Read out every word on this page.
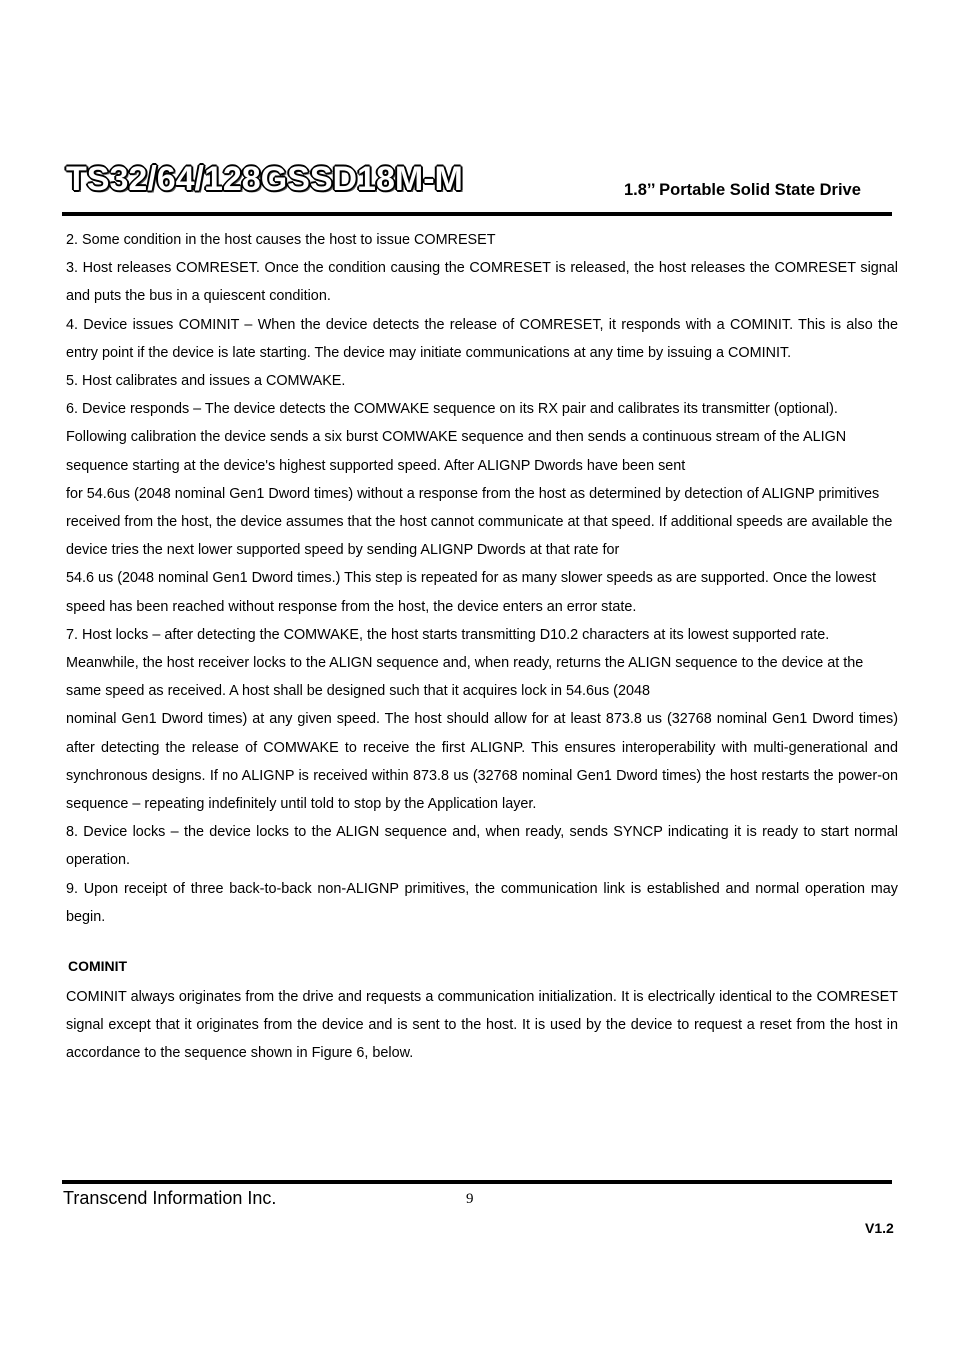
TS32/64/128GSSD18M-M	1.8’’ Portable Solid State Drive

2. Some condition in the host causes the host to issue COMRESET

3. Host releases COMRESET. Once the condition causing the COMRESET is released, the host releases the COMRESET signal and puts the bus in a quiescent condition.

4. Device issues COMINIT – When the device detects the release of COMRESET, it responds with a COMINIT. This is also the entry point if the device is late starting. The device may initiate communications at any time by issuing a COMINIT.

5. Host calibrates and issues a COMWAKE.

6. Device responds – The device detects the COMWAKE sequence on its RX pair and calibrates its transmitter (optional). Following calibration the device sends a six burst COMWAKE sequence and then sends a continuous stream of the ALIGN sequence starting at the device's highest supported speed. After ALIGNP Dwords have been sent

for 54.6us (2048 nominal Gen1 Dword times) without a response from the host as determined by detection of ALIGNP primitives received from the host, the device assumes that the host cannot communicate at that speed. If additional speeds are available the device tries the next lower supported speed by sending ALIGNP Dwords at that rate for

54.6 us (2048 nominal Gen1 Dword times.) This step is repeated for as many slower speeds as are supported. Once the lowest speed has been reached without response from the host, the device enters an error state.

7. Host locks – after detecting the COMWAKE, the host starts transmitting D10.2 characters at its lowest supported rate. Meanwhile, the host receiver locks to the ALIGN sequence and, when ready, returns the ALIGN sequence to the device at the same speed as received. A host shall be designed such that it acquires lock in 54.6us (2048

nominal Gen1 Dword times) at any given speed. The host should allow for at least 873.8 us (32768 nominal Gen1 Dword times) after detecting the release of COMWAKE to receive the first ALIGNP. This ensures interoperability with multi-generational and synchronous designs. If no ALIGNP is received within 873.8 us (32768 nominal Gen1 Dword times) the host restarts the power-on sequence – repeating indefinitely until told to stop by the Application layer.

8. Device locks – the device locks to the ALIGN sequence and, when ready, sends SYNCP indicating it is ready to start normal operation.

9. Upon receipt of three back-to-back non-ALIGNP primitives, the communication link is established and normal operation may begin.

COMINIT

COMINIT always originates from the drive and requests a communication initialization. It is electrically identical to the COMRESET signal except that it originates from the device and is sent to the host. It is used by the device to request a reset from the host in accordance to the sequence shown in Figure 6, below.

Transcend Information Inc.	9
V1.2
